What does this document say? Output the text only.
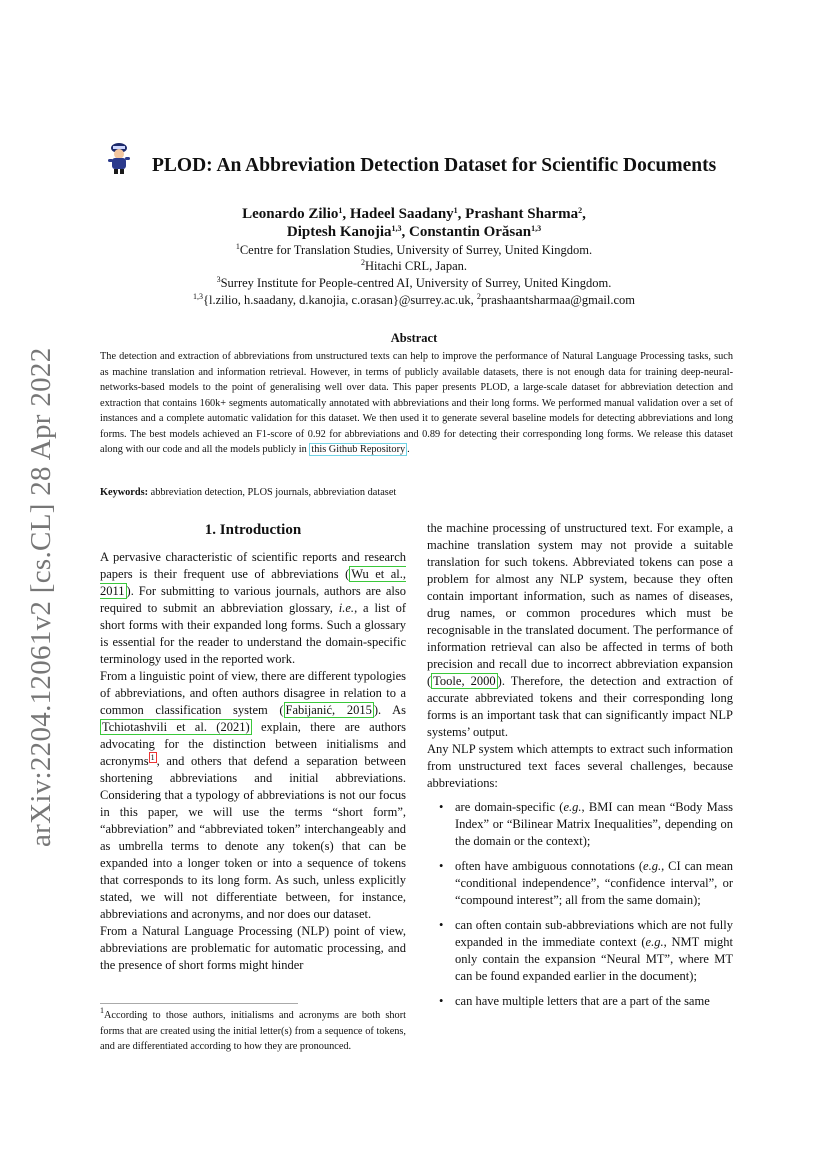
arXiv:2204.12061v2 [cs.CL] 28 Apr 2022
PLOD: An Abbreviation Detection Dataset for Scientific Documents
Leonardo Zilio$^1$, Hadeel Saadany$^1$, Prashant Sharma$^2$,
Diptesh Kanojia$^{1,3}$, Constantin Orăsan$^{1,3}$
$^1$Centre for Translation Studies, University of Surrey, United Kingdom.
$^2$Hitachi CRL, Japan.
$^3$Surrey Institute for People-centred AI, University of Surrey, United Kingdom.
$^{1,3}${l.zilio, h.saadany, d.kanojia, c.orasan}@surrey.ac.uk, $^2$prashaantsharmaa@gmail.com
Abstract
The detection and extraction of abbreviations from unstructured texts can help to improve the performance of Natural Language Processing tasks, such as machine translation and information retrieval. However, in terms of publicly available datasets, there is not enough data for training deep-neural-networks-based models to the point of generalising well over data. This paper presents PLOD, a large-scale dataset for abbreviation detection and extraction that contains 160k+ segments automatically annotated with abbreviations and their long forms. We performed manual validation over a set of instances and a complete automatic validation for this dataset. We then used it to generate several baseline models for detecting abbreviations and long forms. The best models achieved an F1-score of 0.92 for abbreviations and 0.89 for detecting their corresponding long forms. We release this dataset along with our code and all the models publicly in this Github Repository .
Keywords: abbreviation detection, PLOS journals, abbreviation dataset

1. Introduction

A pervasive characteristic of scientific reports and research papers is their frequent use of abbreviations ( Wu et al., 2011 ). For submitting to various journals, authors are also required to submit an abbreviation glossary, i.e., a list of short forms with their expanded long forms. Such a glossary is essential for the reader to understand the domain-specific terminology used in the reported work.

From a linguistic point of view, there are different typologies of abbreviations, and often authors disagree in relation to a common classification system ( Fabijanić, 2015 ). As Tchiotashvili et al. (2021) explain, there are authors advocating for the distinction between initialisms and acronyms $^1$ , and others that defend a separation between shortening abbreviations and initial abbreviations. Considering that a typology of abbreviations is not our focus in this paper, we will use the terms “short form”, “abbreviation” and “abbreviated token” interchangeably and as umbrella terms to denote any token(s) that can be expanded into a longer token or into a sequence of tokens that corresponds to its long form. As such, unless explicitly stated, we will not differentiate between, for instance, abbreviations and acronyms, and nor does our dataset.

From a Natural Language Processing (NLP) point of view, abbreviations are problematic for automatic processing, and the presence of short forms might hinder

the machine processing of unstructured text. For example, a machine translation system may not provide a suitable translation for such tokens. Abbreviated tokens can pose a problem for almost any NLP system, because they often contain important information, such as names of diseases, drug names, or common procedures which must be recognisable in the translated document. The performance of information retrieval can also be affected in terms of both precision and recall due to incorrect abbreviation expansion ( Toole, 2000 ). Therefore, the detection and extraction of accurate abbreviated tokens and their corresponding long forms is an important task that can significantly impact NLP systems’ output.

Any NLP system which attempts to extract such information from unstructured text faces several challenges, because abbreviations:

• are domain-specific (e.g., BMI can mean “Body Mass Index” or “Bilinear Matrix Inequalities”, depending on the domain or the context);
• often have ambiguous connotations (e.g., CI can mean “conditional independence”, “confidence interval”, or “compound interest”; all from the same domain);
• can often contain sub-abbreviations which are not fully expanded in the immediate context (e.g., NMT might only contain the expansion “Neural MT”, where MT can be found expanded earlier in the document);
• can have multiple letters that are a part of the same
$^1$According to those authors, initialisms and acronyms are both short forms that are created using the initial letter(s) from a sequence of tokens, and are differentiated according to how they are pronounced.
